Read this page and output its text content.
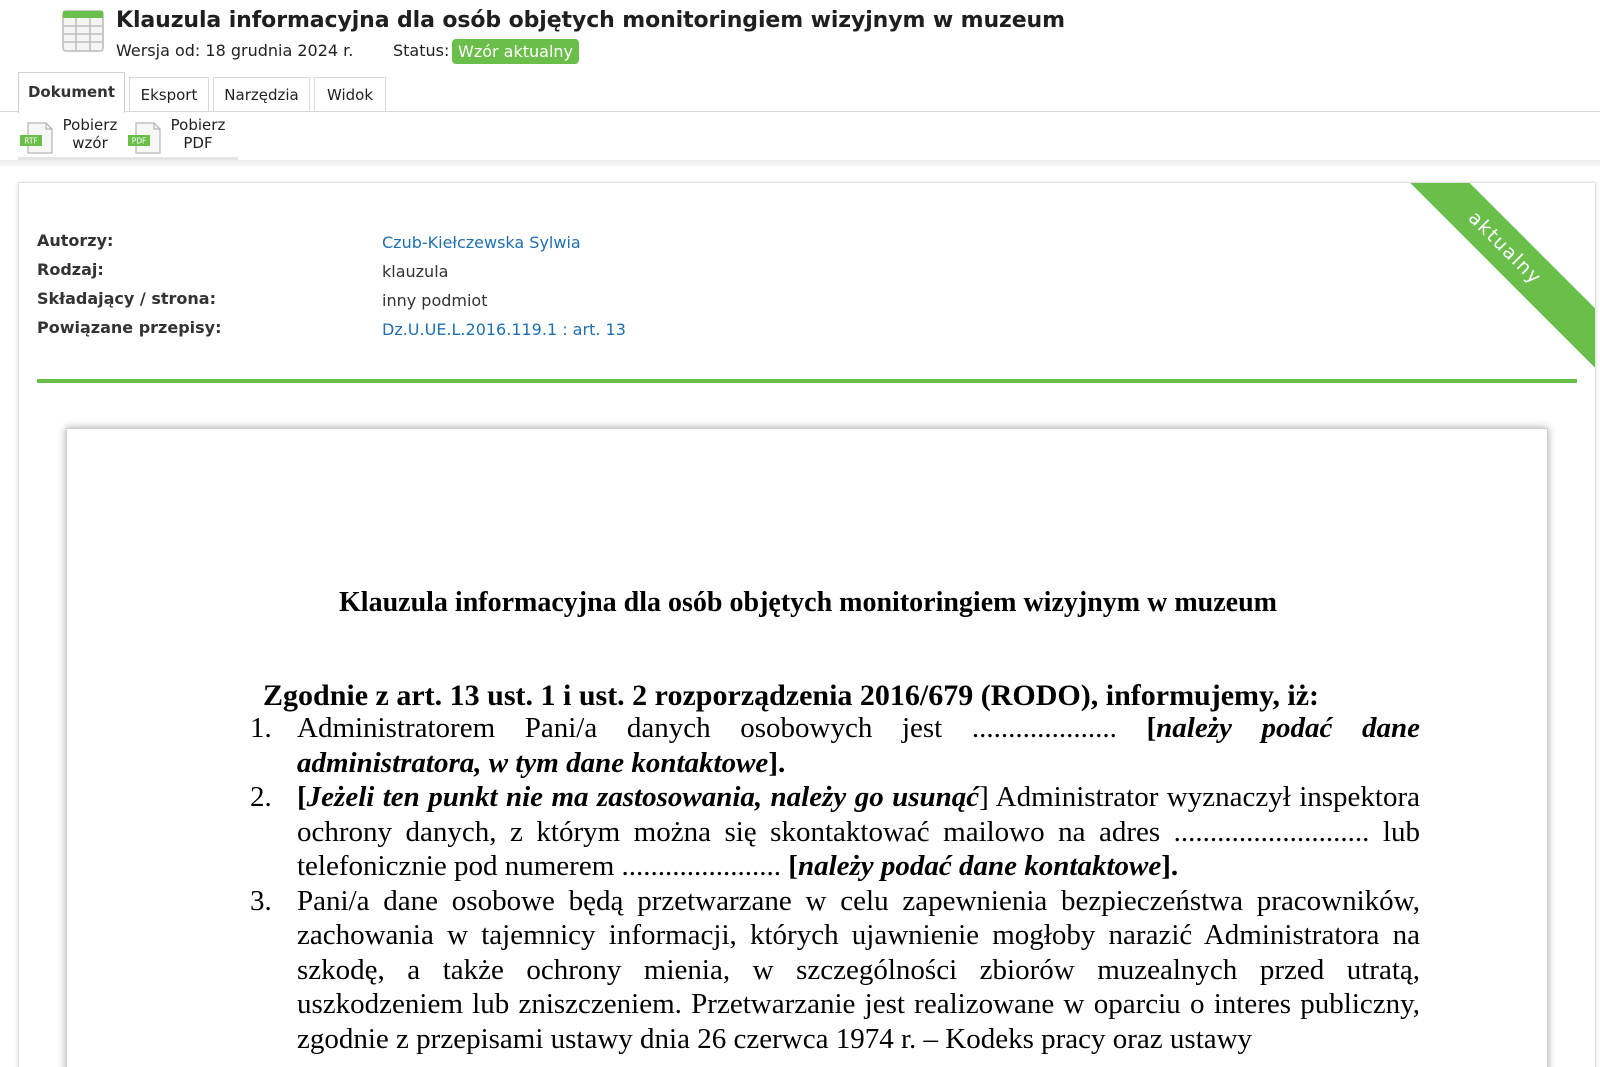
Klauzula informacyjna dla osób objętych monitoringiem wizyjnym w muzeum
Wersja od: 18 grudnia 2024 r. Status: Wzór aktualny
Dokument	Eksport	Narzędzia	Widok
RTF
Pobierz
wzór	PDF
Pobierz
PDF
aktualny
Autorzy:	Czub-Kiełczewska Sylwia
Rodzaj:	klauzula
Składający / strona:	inny podmiot
Powiązane przepisy:	Dz.U.UE.L.2016.119.1 : art. 13
Klauzula informacyjna dla osób objętych monitoringiem wizyjnym w muzeum
Zgodnie z art. 13 ust. 1 i ust. 2 rozporządzenia 2016/679 (RODO), informujemy, iż:
1. Administratorem Pani/a danych osobowych jest .................... [należy podać dane administratora, w tym dane kontaktowe].
2. [Jeżeli ten punkt nie ma zastosowania, należy go usunąć] Administrator wyznaczył inspektora ochrony danych, z którym można się skontaktować mailowo na adres ........................... lub telefonicznie pod numerem ...................... [należy podać dane kontaktowe].
3. Pani/a dane osobowe będą przetwarzane w celu zapewnienia bezpieczeństwa pracowników, zachowania w tajemnicy informacji, których ujawnienie mogłoby narazić Administratora na szkodę, a także ochrony mienia, w szczególności zbiorów muzealnych przed utratą, uszkodzeniem lub zniszczeniem. Przetwarzanie jest realizowane w oparciu o interes publiczny, zgodnie z przepisami ustawy dnia 26 czerwca 1974 r. – Kodeks pracy oraz ustawy
